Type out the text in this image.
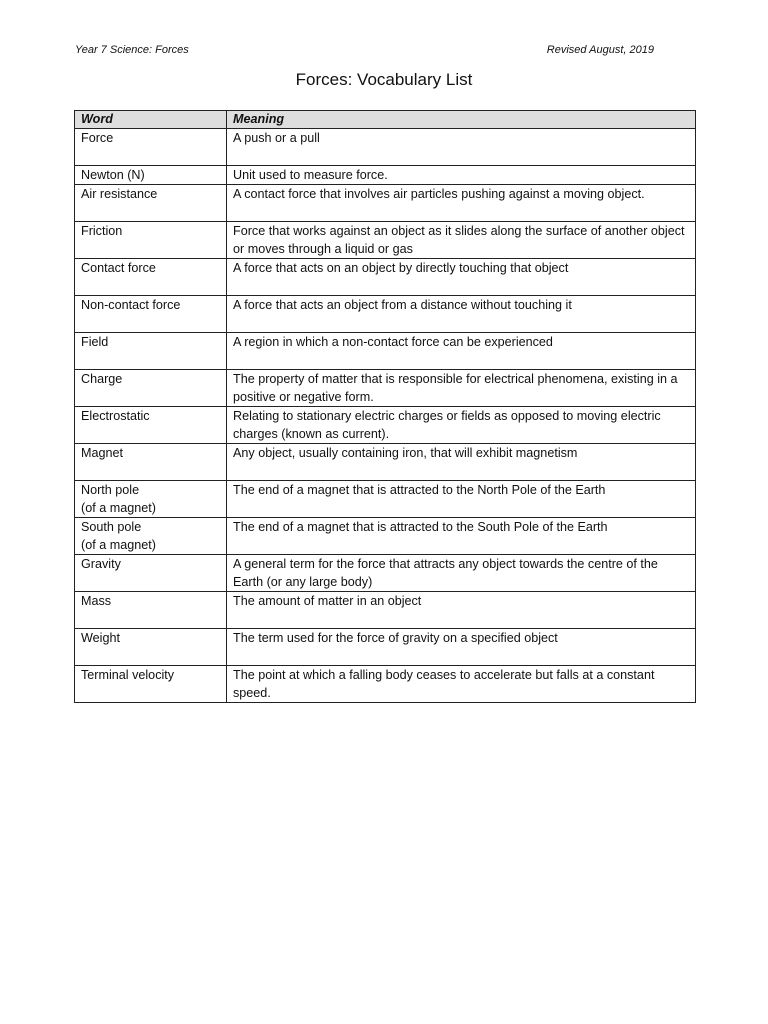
Year 7 Science: Forces	Revised August, 2019
Forces: Vocabulary List
Word	Meaning

Force	A push or a pull

Newton (N)	Unit used to measure force.

Air resistance	A contact force that involves air particles pushing against a moving object.

Friction	Force that works against an object as it slides along the surface of another object or moves through a liquid or gas

Contact force	A force that acts on an object by directly touching that object

Non-contact force	A force that acts an object from a distance without touching it

Field	A region in which a non-contact force can be experienced

Charge	The property of matter that is responsible for electrical phenomena, existing in a positive or negative form.

Electrostatic	Relating to stationary electric charges or fields as opposed to moving electric charges (known as current).

Magnet	Any object, usually containing iron, that will exhibit magnetism

North pole
(of a magnet)	The end of a magnet that is attracted to the North Pole of the Earth

South pole
(of a magnet)	The end of a magnet that is attracted to the South Pole of the Earth

Gravity	A general term for the force that attracts any object towards the centre of the Earth (or any large body)

Mass	The amount of matter in an object

Weight	The term used for the force of gravity on a specified object

Terminal velocity	The point at which a falling body ceases to accelerate but falls at a constant speed.
